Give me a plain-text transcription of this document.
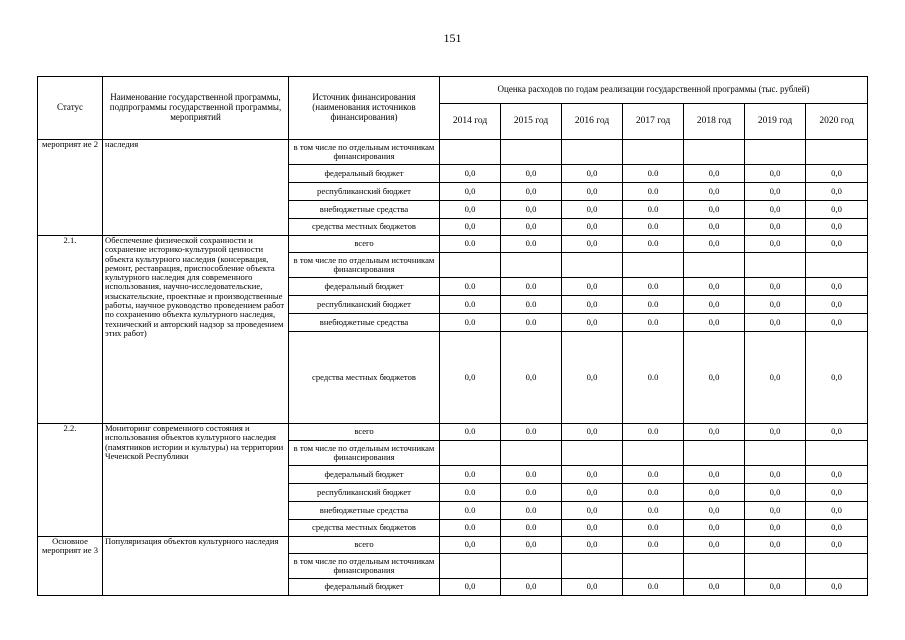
151
Статус	Наименование государственной программы, подпрограммы государственной программы, мероприятий	Источник финансирования (наименования источников финансирования)	Оценка расходов по годам реализации государственной программы (тыс. рублей)						
			2014 год	2015 год	2016 год	2017 год	2018 год	2019 год	2020 год
мероприят ие 2	наследия	в том числе по отдельным источникам финансирования							
		федеральный бюджет	0,0	0,0	0,0	0.0	0,0	0,0	0,0
		республиканский бюджет	0,0	0,0	0,0	0.0	0,0	0,0	0,0
		внебюджетные средства	0,0	0,0	0,0	0.0	0,0	0,0	0,0
		средства местных бюджетов	0,0	0,0	0,0	0.0	0,0	0,0	0,0
2.1.	Обеспечение физической сохранности и сохранение историко-культурной ценности объекта культурного наследия (консервация, ремонт, реставрация, приспособление объекта культурного наследия для современного использования, научно-исследовательские, изыскательские, проектные и производственные работы, научное руководство проведением работ по сохранению объекта культурного наследия, технический и авторский надзор за проведением этих работ)	всего	0.0	0.0	0,0	0.0	0,0	0,0	0,0
		в том числе по отдельным источникам финансирования							
		федеральный бюджет	0.0	0.0	0,0	0.0	0,0	0,0	0,0
		республиканский бюджет	0.0	0.0	0,0	0.0	0,0	0,0	0,0
		внебюджетные средства	0.0	0.0	0,0	0.0	0,0	0,0	0,0
		средства местных бюджетов	0,0	0,0	0,0	0.0	0,0	0,0	0,0
2.2.	Мониторинг современного состояния и использования объектов культурного наследия (памятников истории и культуры) на территории Чеченской Республики	всего	0.0	0.0	0,0	0.0	0,0	0,0	0,0
		в том числе по отдельным источникам финансирования							
		федеральный бюджет	0.0	0.0	0,0	0.0	0,0	0,0	0,0
		республиканский бюджет	0.0	0.0	0,0	0.0	0,0	0,0	0,0
		внебюджетные средства	0.0	0.0	0,0	0.0	0,0	0,0	0,0
		средства местных бюджетов	0.0	0.0	0,0	0.0	0,0	0,0	0,0
Основное мероприят ие 3	Популяризация объектов культурного наследия	всего	0,0	0,0	0,0	0.0	0,0	0,0	0,0
		в том числе по отдельным источникам финансирования							
		федеральный бюджет	0,0	0,0	0,0	0.0	0,0	0,0	0,0
